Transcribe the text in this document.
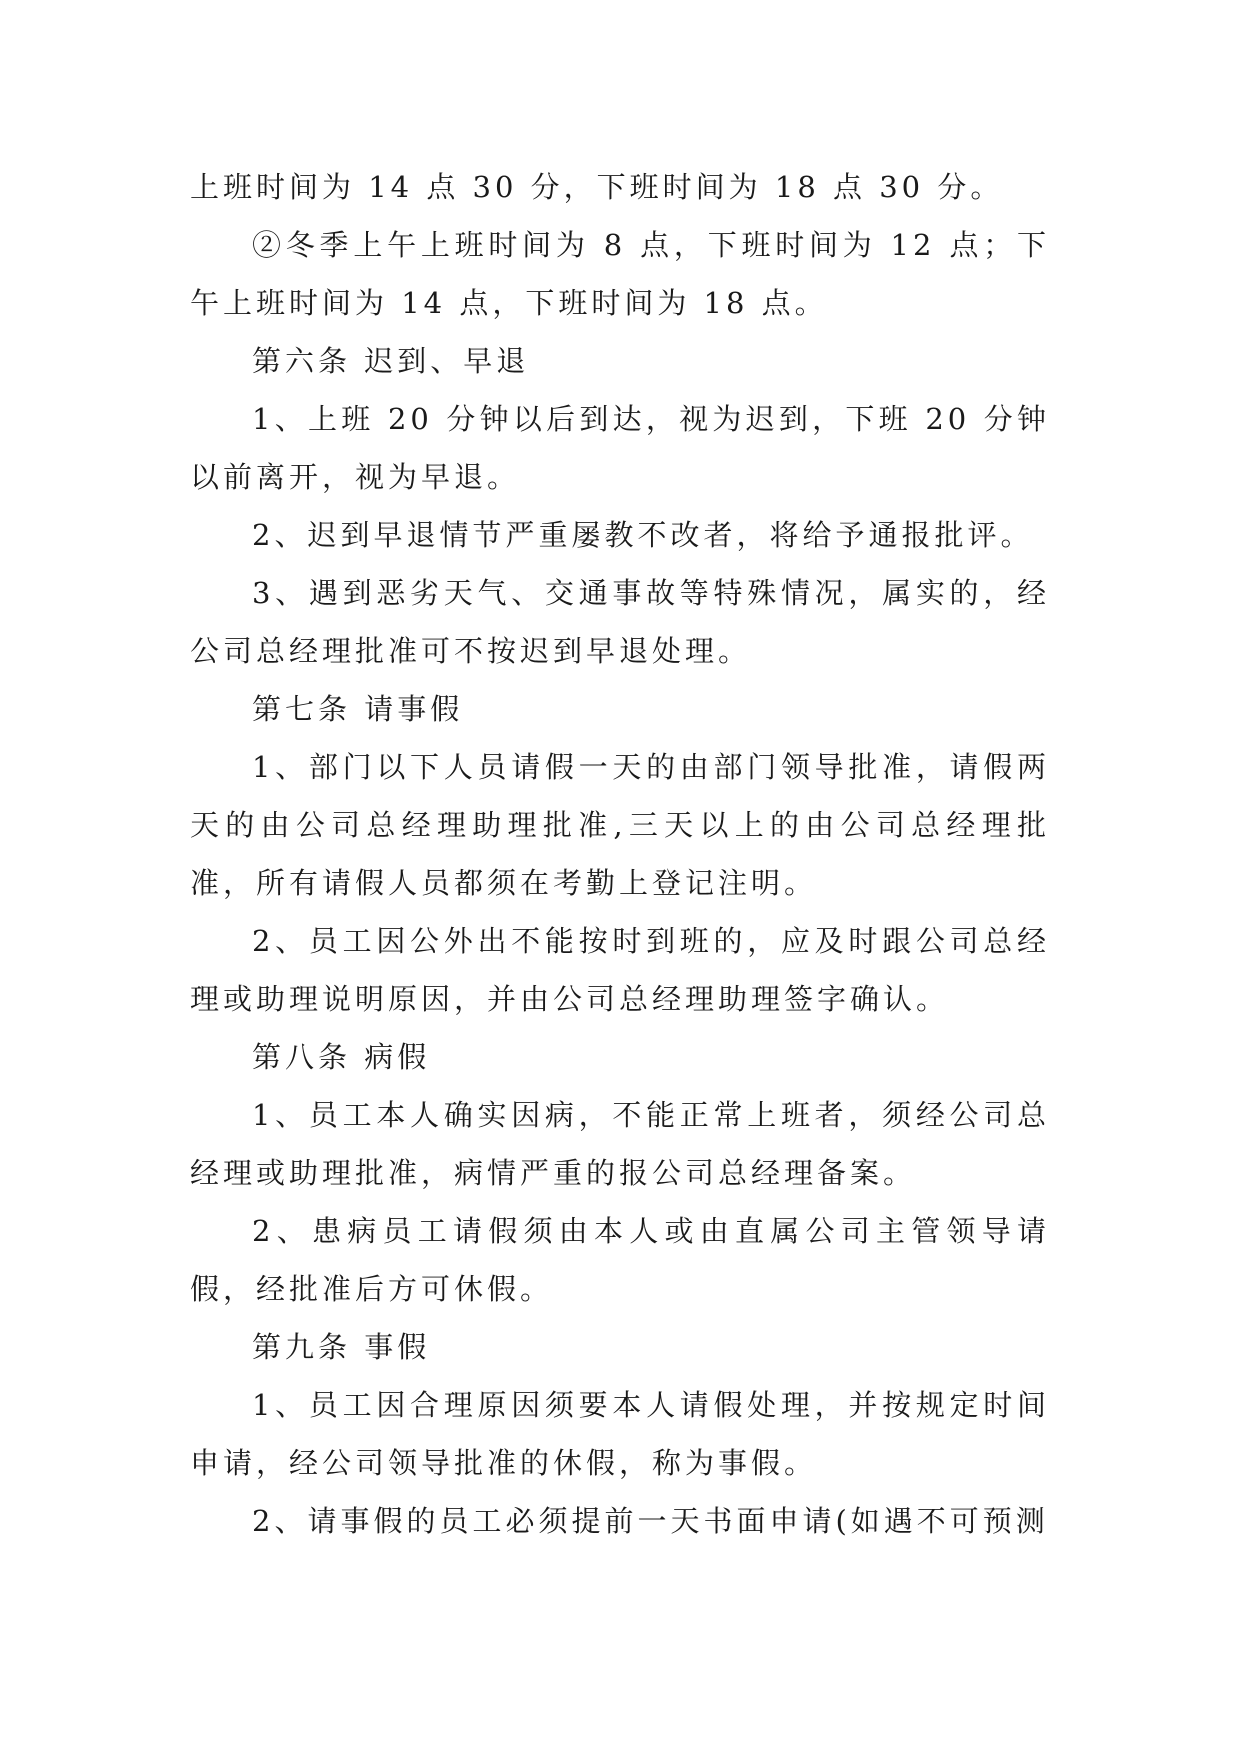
上班时间为 14 点 30 分，下班时间为 18 点 30 分。

②冬季上午上班时间为 8 点，下班时间为 12 点；下午上班时间为 14 点，下班时间为 18 点。

第六条 迟到、早退

1、上班 20 分钟以后到达，视为迟到，下班 20 分钟以前离开，视为早退。

2、迟到早退情节严重屡教不改者，将给予通报批评。

3、遇到恶劣天气、交通事故等特殊情况，属实的，经公司总经理批准可不按迟到早退处理。

第七条 请事假

1、部门以下人员请假一天的由部门领导批准，请假两天的由公司总经理助理批准,三天以上的由公司总经理批准，所有请假人员都须在考勤上登记注明。

2、员工因公外出不能按时到班的，应及时跟公司总经理或助理说明原因，并由公司总经理助理签字确认。

第八条 病假

1、员工本人确实因病，不能正常上班者，须经公司总经理或助理批准，病情严重的报公司总经理备案。

2、患病员工请假须由本人或由直属公司主管领导请假，经批准后方可休假。

第九条 事假

1、员工因合理原因须要本人请假处理，并按规定时间申请，经公司领导批准的休假，称为事假。

2、请事假的员工必须提前一天书面申请(如遇不可预测
